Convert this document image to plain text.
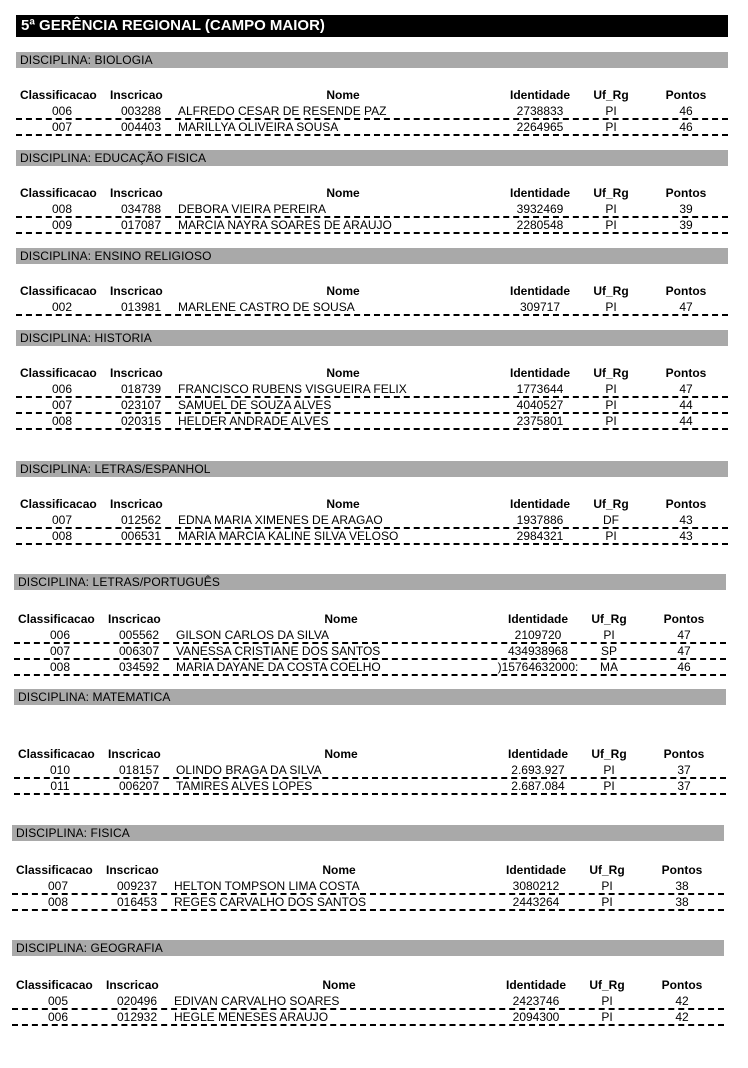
5ª GERÊNCIA REGIONAL (CAMPO MAIOR)
DISCIPLINA: BIOLOGIA
Classificacao	Inscricao	Nome	Identidade	Uf_Rg	Pontos
006	003288	ALFREDO CESAR DE RESENDE PAZ	2738833	PI	46
007	004403	MARILLYA OLIVEIRA SOUSA	2264965	PI	46
DISCIPLINA: EDUCAÇÃO FISICA
Classificacao	Inscricao	Nome	Identidade	Uf_Rg	Pontos
008	034788	DEBORA VIEIRA PEREIRA	3932469	PI	39
009	017087	MARCIA NAYRA SOARES DE ARAUJO	2280548	PI	39
DISCIPLINA: ENSINO RELIGIOSO
Classificacao	Inscricao	Nome	Identidade	Uf_Rg	Pontos
002	013981	MARLENE CASTRO DE SOUSA	309717	PI	47
DISCIPLINA: HISTORIA
Classificacao	Inscricao	Nome	Identidade	Uf_Rg	Pontos
006	018739	FRANCISCO RUBENS VISGUEIRA FELIX	1773644	PI	47
007	023107	SAMUEL DE SOUZA ALVES	4040527	PI	44
008	020315	HELDER ANDRADE ALVES	2375801	PI	44
DISCIPLINA: LETRAS/ESPANHOL
Classificacao	Inscricao	Nome	Identidade	Uf_Rg	Pontos
007	012562	EDNA MARIA XIMENES DE ARAGAO	1937886	DF	43
008	006531	MARIA MARCIA KALINE SILVA VELOSO	2984321	PI	43
DISCIPLINA: LETRAS/PORTUGUÊS
Classificacao	Inscricao	Nome	Identidade	Uf_Rg	Pontos
006	005562	GILSON CARLOS DA SILVA	2109720	PI	47
007	006307	VANESSA CRISTIANE DOS SANTOS	434938968	SP	47
008	034592	MARIA DAYANE DA COSTA COELHO	)15764632000:	MA	46
DISCIPLINA: MATEMATICA
Classificacao	Inscricao	Nome	Identidade	Uf_Rg	Pontos
010	018157	OLINDO BRAGA DA SILVA	2.693.927	PI	37
011	006207	TAMIRES ALVES LOPES	2.687.084	PI	37
DISCIPLINA: FISICA
Classificacao	Inscricao	Nome	Identidade	Uf_Rg	Pontos
007	009237	HELTON TOMPSON LIMA COSTA	3080212	PI	38
008	016453	REGES CARVALHO DOS SANTOS	2443264	PI	38
DISCIPLINA: GEOGRAFIA
Classificacao	Inscricao	Nome	Identidade	Uf_Rg	Pontos
005	020496	EDIVAN CARVALHO SOARES	2423746	PI	42
006	012932	HEGLE MENESES ARAUJO	2094300	PI	42
